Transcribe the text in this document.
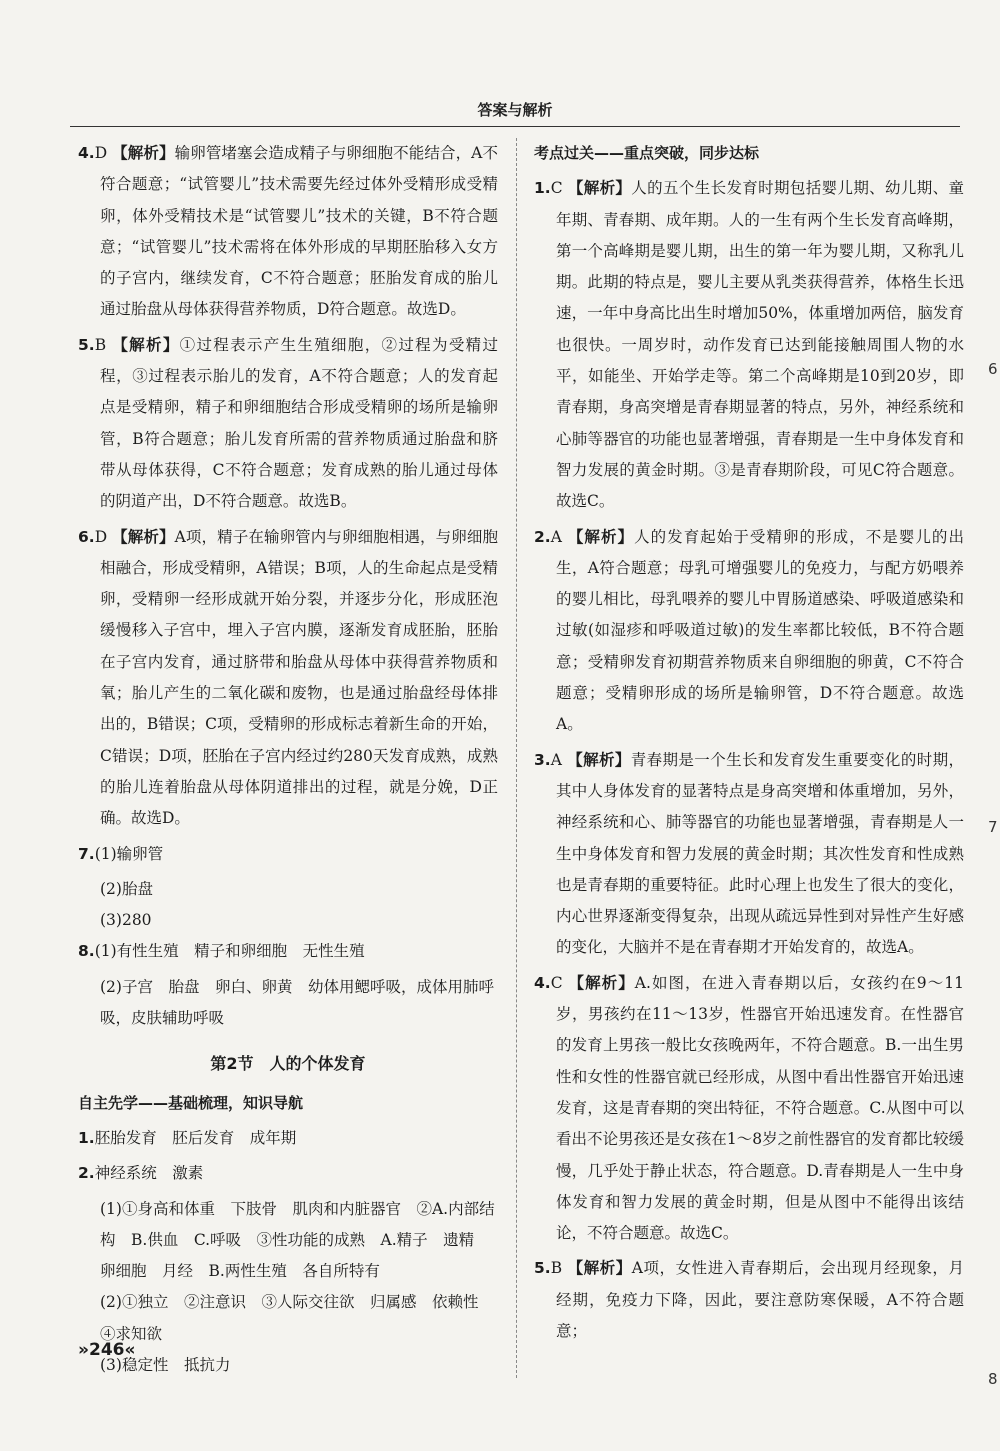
答案与解析

4.D 【解析】输卵管堵塞会造成精子与卵细胞不能结合，A不符合题意；“试管婴儿”技术需要先经过体外受精形成受精卵，体外受精技术是“试管婴儿”技术的关键，B不符合题意；“试管婴儿”技术需将在体外形成的早期胚胎移入女方的子宫内，继续发育，C不符合题意；胚胎发育成的胎儿通过胎盘从母体获得营养物质，D符合题意。故选D。

5.B 【解析】①过程表示产生生殖细胞，②过程为受精过程，③过程表示胎儿的发育，A不符合题意；人的发育起点是受精卵，精子和卵细胞结合形成受精卵的场所是输卵管，B符合题意；胎儿发育所需的营养物质通过胎盘和脐带从母体获得，C不符合题意；发育成熟的胎儿通过母体的阴道产出，D不符合题意。故选B。

6.D 【解析】A项，精子在输卵管内与卵细胞相遇，与卵细胞相融合，形成受精卵，A错误；B项，人的生命起点是受精卵，受精卵一经形成就开始分裂，并逐步分化，形成胚泡缓慢移入子宫中，埋入子宫内膜，逐渐发育成胚胎，胚胎在子宫内发育，通过脐带和胎盘从母体中获得营养物质和氧；胎儿产生的二氧化碳和废物，也是通过胎盘经母体排出的，B错误；C项，受精卵的形成标志着新生命的开始，C错误；D项，胚胎在子宫内经过约280天发育成熟，成熟的胎儿连着胎盘从母体阴道排出的过程，就是分娩，D正确。故选D。

7.(1)输卵管

(2)胎盘

(3)280

8.(1)有性生殖　精子和卵细胞　无性生殖

(2)子宫　胎盘　卵白、卵黄　幼体用鳃呼吸，成体用肺呼吸，皮肤辅助呼吸

第2节　人的个体发育
自主先学——基础梳理，知识导航

1.胚胎发育　胚后发育　成年期

2.神经系统　激素

(1)①身高和体重　下肢骨　肌肉和内脏器官　②A.内部结构　B.供血　C.呼吸　③性功能的成熟　A.精子　遗精　卵细胞　月经　B.两性生殖　各自所特有

(2)①独立　②注意识　③人际交往欲　归属感　依赖性　④求知欲

(3)稳定性　抵抗力

考点过关——重点突破，同步达标

1.C 【解析】人的五个生长发育时期包括婴儿期、幼儿期、童年期、青春期、成年期。人的一生有两个生长发育高峰期，第一个高峰期是婴儿期，出生的第一年为婴儿期，又称乳儿期。此期的特点是，婴儿主要从乳类获得营养，体格生长迅速，一年中身高比出生时增加50%，体重增加两倍，脑发育也很快。一周岁时，动作发育已达到能接触周围人物的水平，如能坐、开始学走等。第二个高峰期是10到20岁，即青春期，身高突增是青春期显著的特点，另外，神经系统和心肺等器官的功能也显著增强，青春期是一生中身体发育和智力发展的黄金时期。③是青春期阶段，可见C符合题意。故选C。

2.A 【解析】人的发育起始于受精卵的形成，不是婴儿的出生，A符合题意；母乳可增强婴儿的免疫力，与配方奶喂养的婴儿相比，母乳喂养的婴儿中胃肠道感染、呼吸道感染和过敏(如湿疹和呼吸道过敏)的发生率都比较低，B不符合题意；受精卵发育初期营养物质来自卵细胞的卵黄，C不符合题意；受精卵形成的场所是输卵管，D不符合题意。故选A。

3.A 【解析】青春期是一个生长和发育发生重要变化的时期，其中人身体发育的显著特点是身高突增和体重增加，另外，神经系统和心、肺等器官的功能也显著增强，青春期是人一生中身体发育和智力发展的黄金时期；其次性发育和性成熟也是青春期的重要特征。此时心理上也发生了很大的变化，内心世界逐渐变得复杂，出现从疏远异性到对异性产生好感的变化，大脑并不是在青春期才开始发育的，故选A。

4.C 【解析】A.如图，在进入青春期以后，女孩约在9～11岁，男孩约在11～13岁，性器官开始迅速发育。在性器官的发育上男孩一般比女孩晚两年，不符合题意。B.一出生男性和女性的性器官就已经形成，从图中看出性器官开始迅速发育，这是青春期的突出特征，不符合题意。C.从图中可以看出不论男孩还是女孩在1～8岁之前性器官的发育都比较缓慢，几乎处于静止状态，符合题意。D.青春期是人一生中身体发育和智力发展的黄金时期，但是从图中不能得出该结论，不符合题意。故选C。

5.B 【解析】A项，女性进入青春期后，会出现月经现象，月经期，免疫力下降，因此，要注意防寒保暖，A不符合题意；

»246«
6
7
8
